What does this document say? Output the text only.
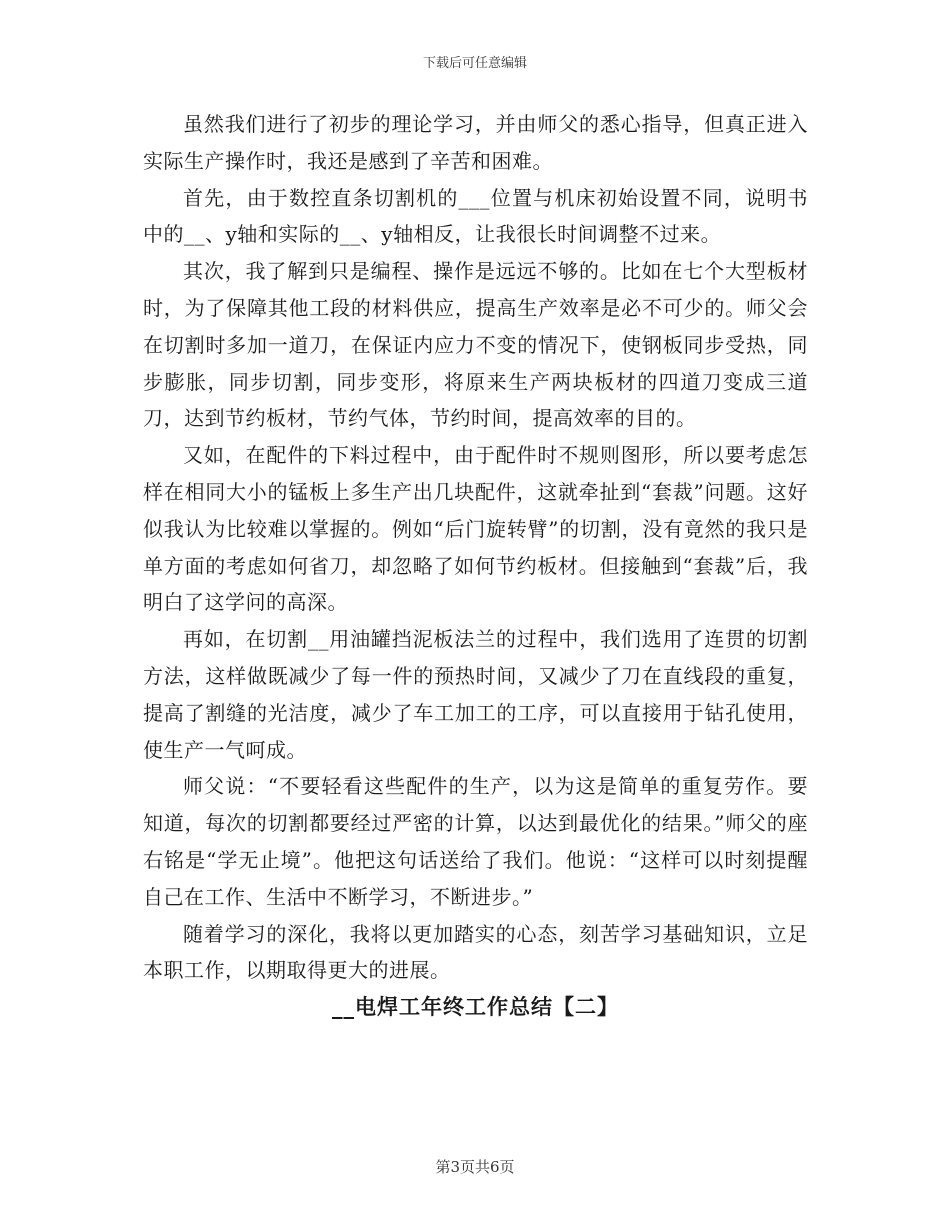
下载后可任意编辑

虽然我们进行了初步的理论学习，并由师父的悉心指导，但真正进入实际生产操作时，我还是感到了辛苦和困难。

首先，由于数控直条切割机的___位置与机床初始设置不同，说明书中的__、y轴和实际的__、y轴相反，让我很长时间调整不过来。

其次，我了解到只是编程、操作是远远不够的。比如在七个大型板材时，为了保障其他工段的材料供应，提高生产效率是必不可少的。师父会在切割时多加一道刀，在保证内应力不变的情况下，使钢板同步受热，同步膨胀，同步切割，同步变形，将原来生产两块板材的四道刀变成三道刀，达到节约板材，节约气体，节约时间，提高效率的目的。

又如，在配件的下料过程中，由于配件时不规则图形，所以要考虑怎样在相同大小的锰板上多生产出几块配件，这就牵扯到“套裁”问题。这好似我认为比较难以掌握的。例如“后门旋转臂”的切割，没有竟然的我只是单方面的考虑如何省刀，却忽略了如何节约板材。但接触到“套裁”后，我明白了这学问的高深。

再如，在切割__用油罐挡泥板法兰的过程中，我们选用了连贯的切割方法，这样做既减少了每一件的预热时间，又减少了刀在直线段的重复，提高了割缝的光洁度，减少了车工加工的工序，可以直接用于钻孔使用，使生产一气呵成。

师父说：“不要轻看这些配件的生产，以为这是简单的重复劳作。要知道，每次的切割都要经过严密的计算，以达到最优化的结果。”师父的座右铭是“学无止境”。他把这句话送给了我们。他说：“这样可以时刻提醒自己在工作、生活中不断学习，不断进步。”

随着学习的深化，我将以更加踏实的心态，刻苦学习基础知识，立足本职工作，以期取得更大的进展。

__电焊工年终工作总结【二】

第3页共6页
